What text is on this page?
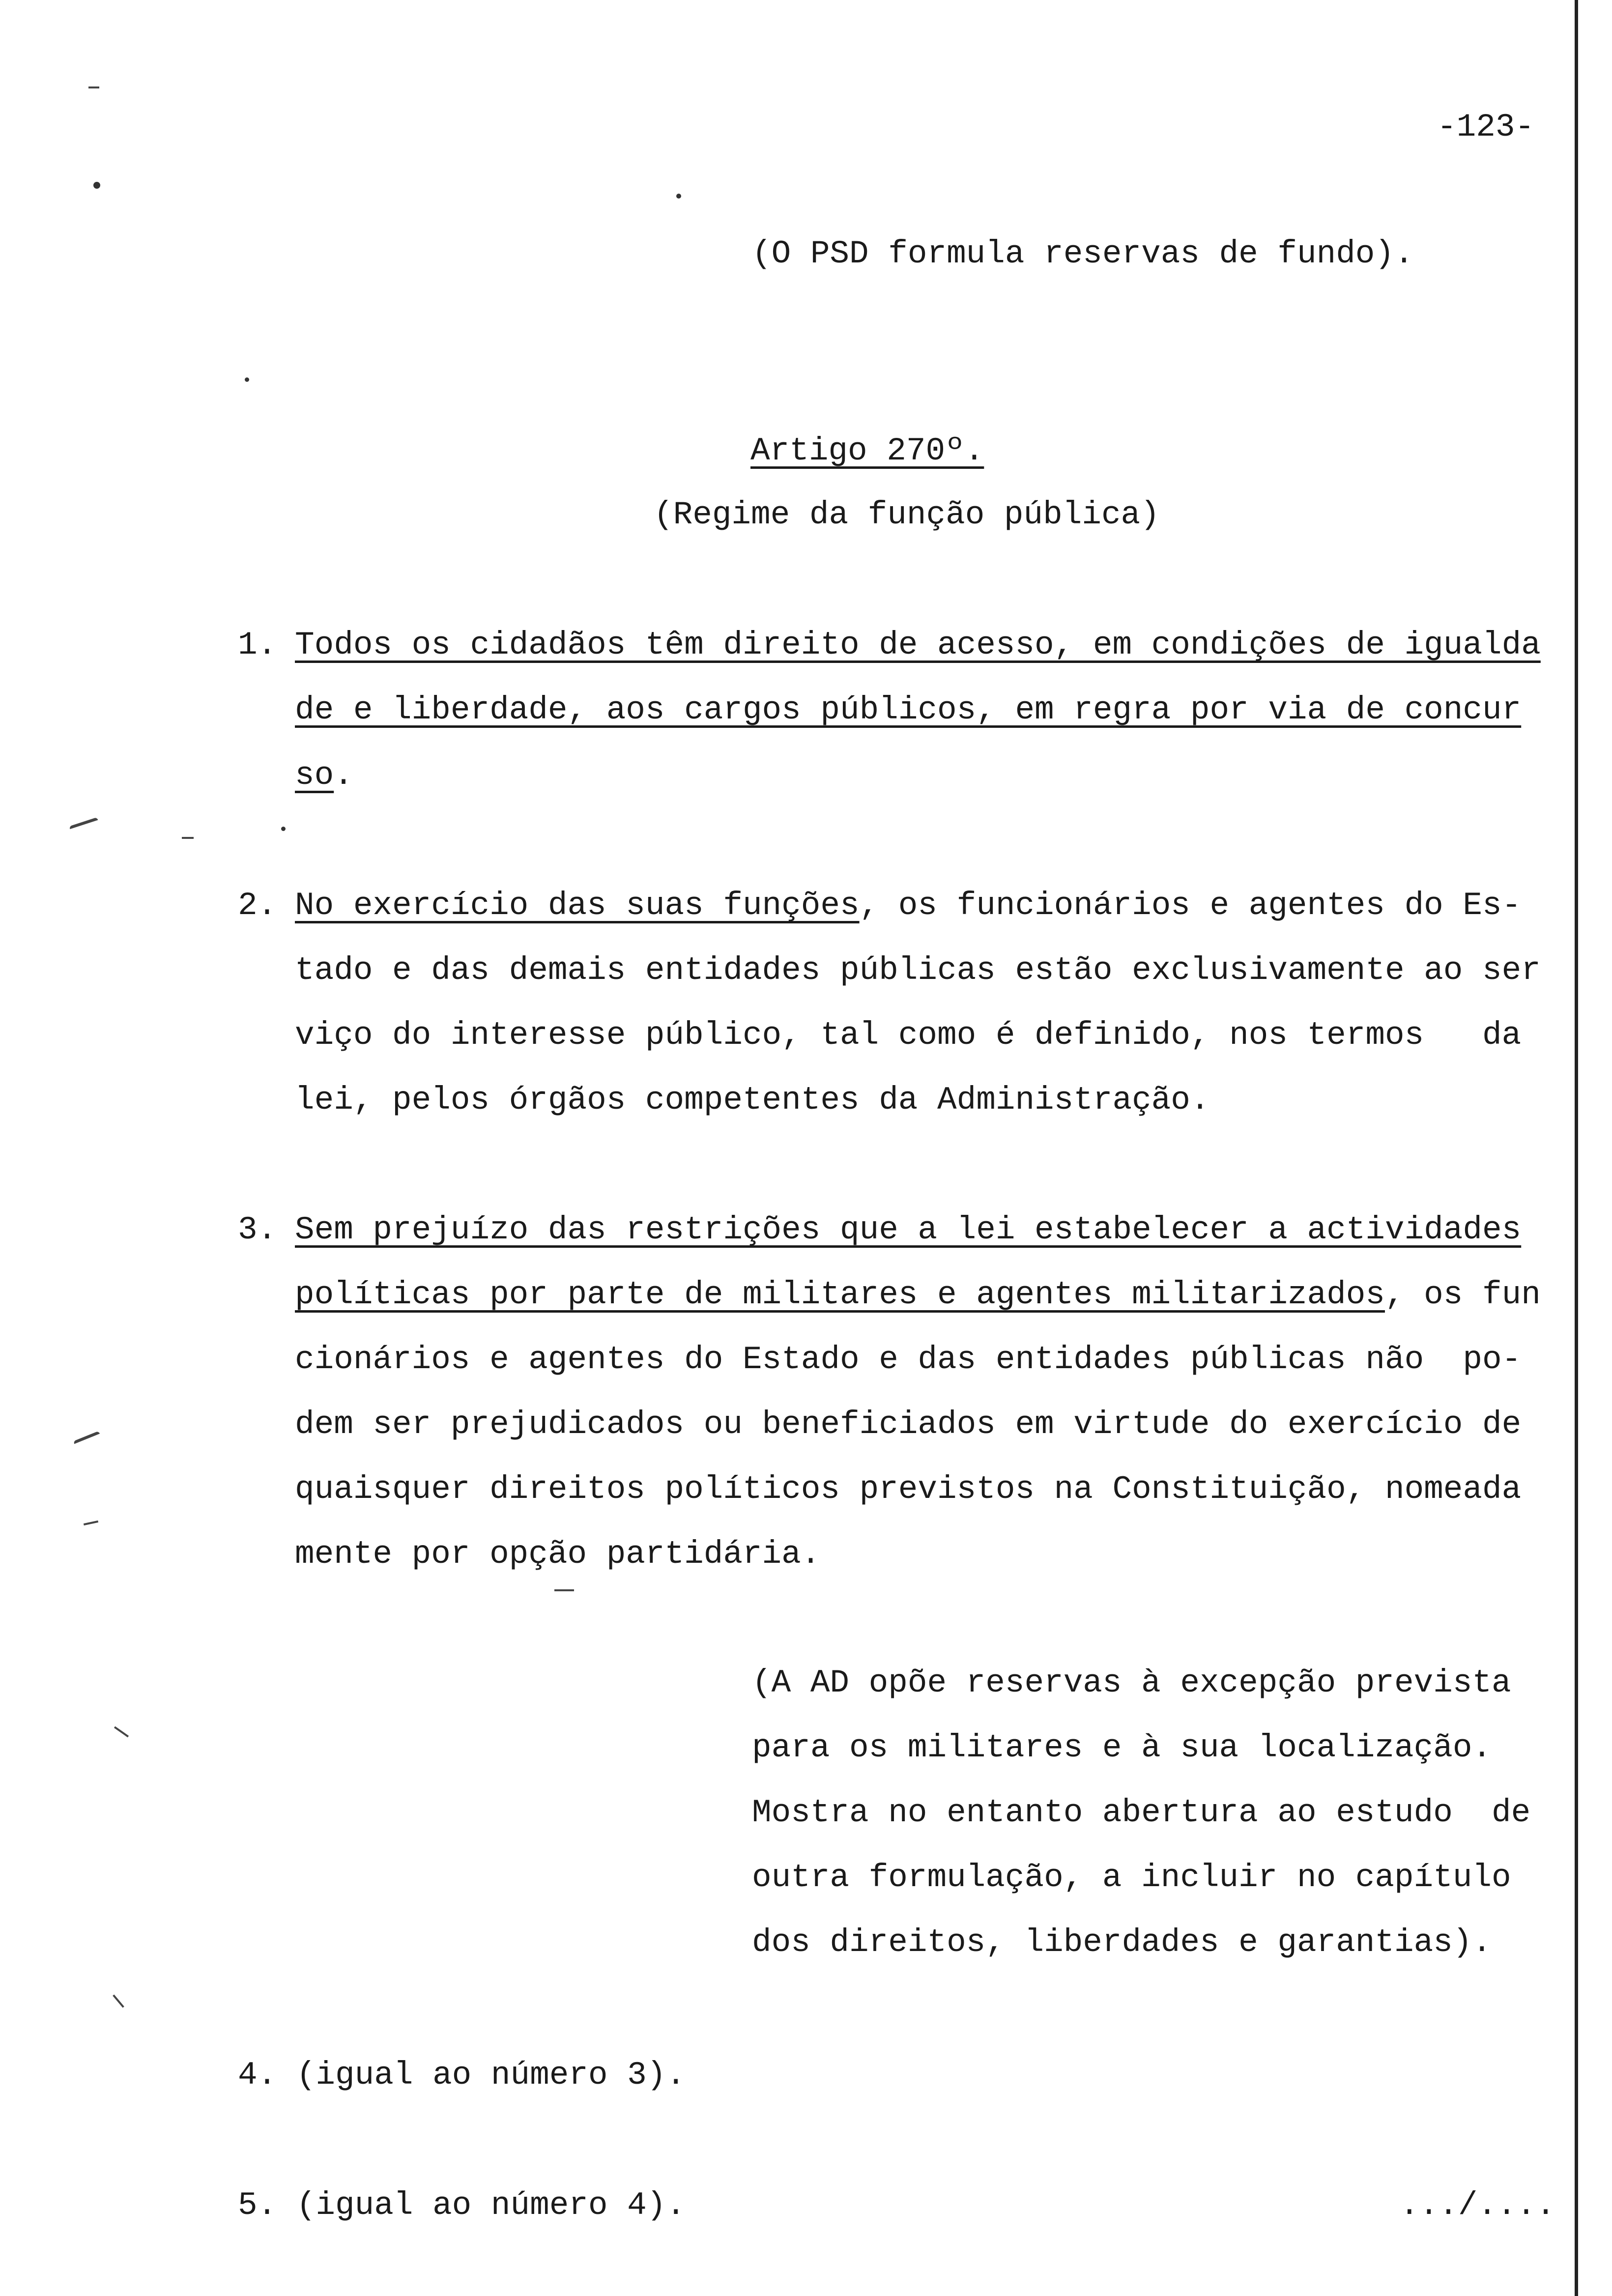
-123-
(O PSD formula reservas de fundo).
Artigo 270º.
(Regime da função pública)
1. Todos os cidadãos têm direito de acesso, em condições de igualda
de e liberdade, aos cargos públicos, em regra por via de concur
so.
2. No exercício das suas funções, os funcionários e agentes do Es-
tado e das demais entidades públicas estão exclusivamente ao ser
viço do interesse público, tal como é definido, nos termos   da
lei, pelos órgãos competentes da Administração.
3. Sem prejuízo das restrições que a lei estabelecer a actividades
políticas por parte de militares e agentes militarizados, os fun
cionários e agentes do Estado e das entidades públicas não  po-
dem ser prejudicados ou beneficiados em virtude do exercício de
quaisquer direitos políticos previstos na Constituição, nomeada
mente por opção partidária.
(A AD opõe reservas à excepção prevista
para os militares e à sua localização.
Mostra no entanto abertura ao estudo  de
outra formulação, a incluir no capítulo
dos direitos, liberdades e garantias).
4. (igual ao número 3).
5. (igual ao número 4).	.../....
